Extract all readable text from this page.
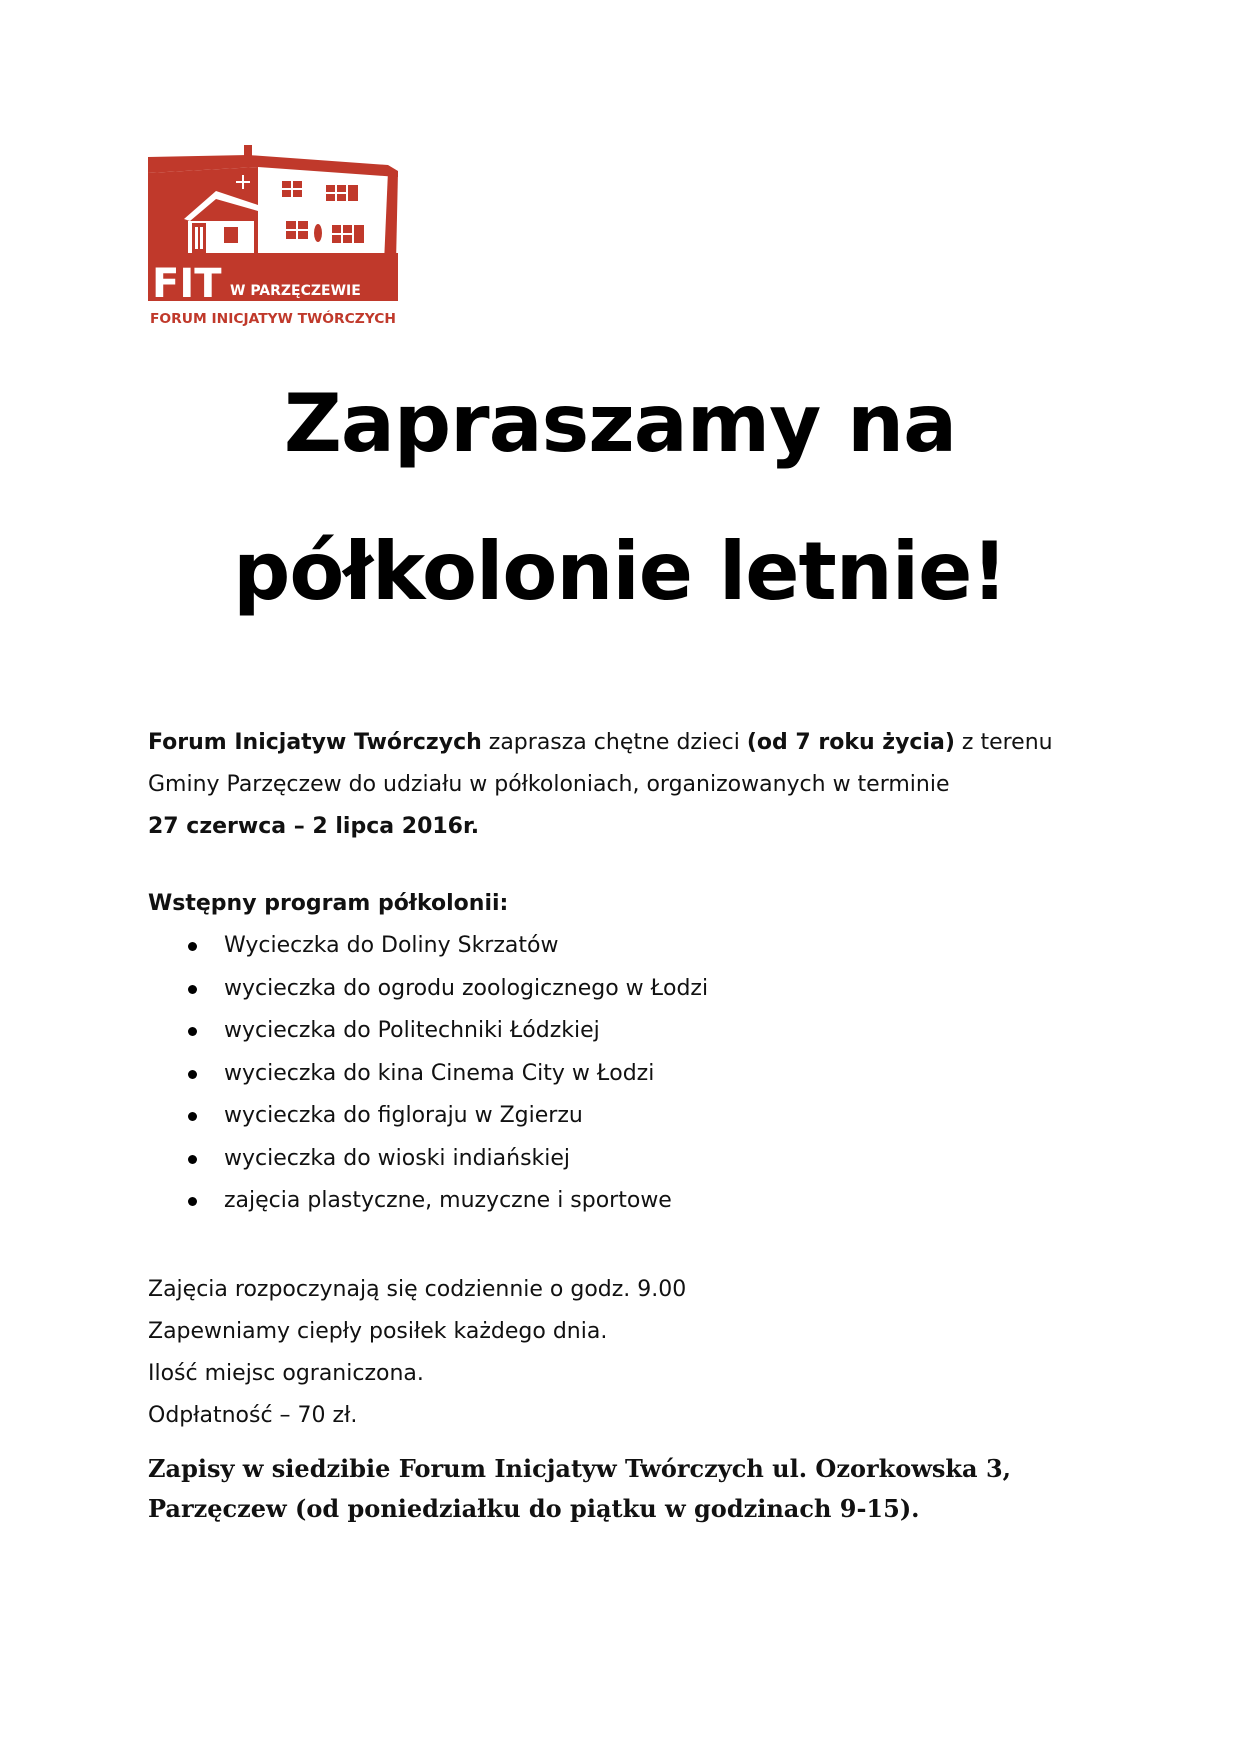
FIT W PARZĘCZEWIE
FORUM INICJATYW TWÓRCZYCH
Zapraszamy na
półkolonie letnie!
Forum Inicjatyw Twórczych zaprasza chętne dzieci (od 7 roku życia) z terenu
Gminy Parzęczew do udziału w półkoloniach, organizowanych w terminie
27 czerwca – 2 lipca 2016r.
Wstępny program półkolonii:
Wycieczka do Doliny Skrzatów
wycieczka do ogrodu zoologicznego w Łodzi
wycieczka do Politechniki Łódzkiej
wycieczka do kina Cinema City w Łodzi
wycieczka do figloraju w Zgierzu
wycieczka do wioski indiańskiej
zajęcia plastyczne, muzyczne i sportowe
Zajęcia rozpoczynają się codziennie o godz. 9.00
Zapewniamy ciepły posiłek każdego dnia.
Ilość miejsc ograniczona.
Odpłatność – 70 zł.
Zapisy w siedzibie Forum Inicjatyw Twórczych ul. Ozorkowska 3,
Parzęczew (od poniedziałku do piątku w godzinach 9-15).
